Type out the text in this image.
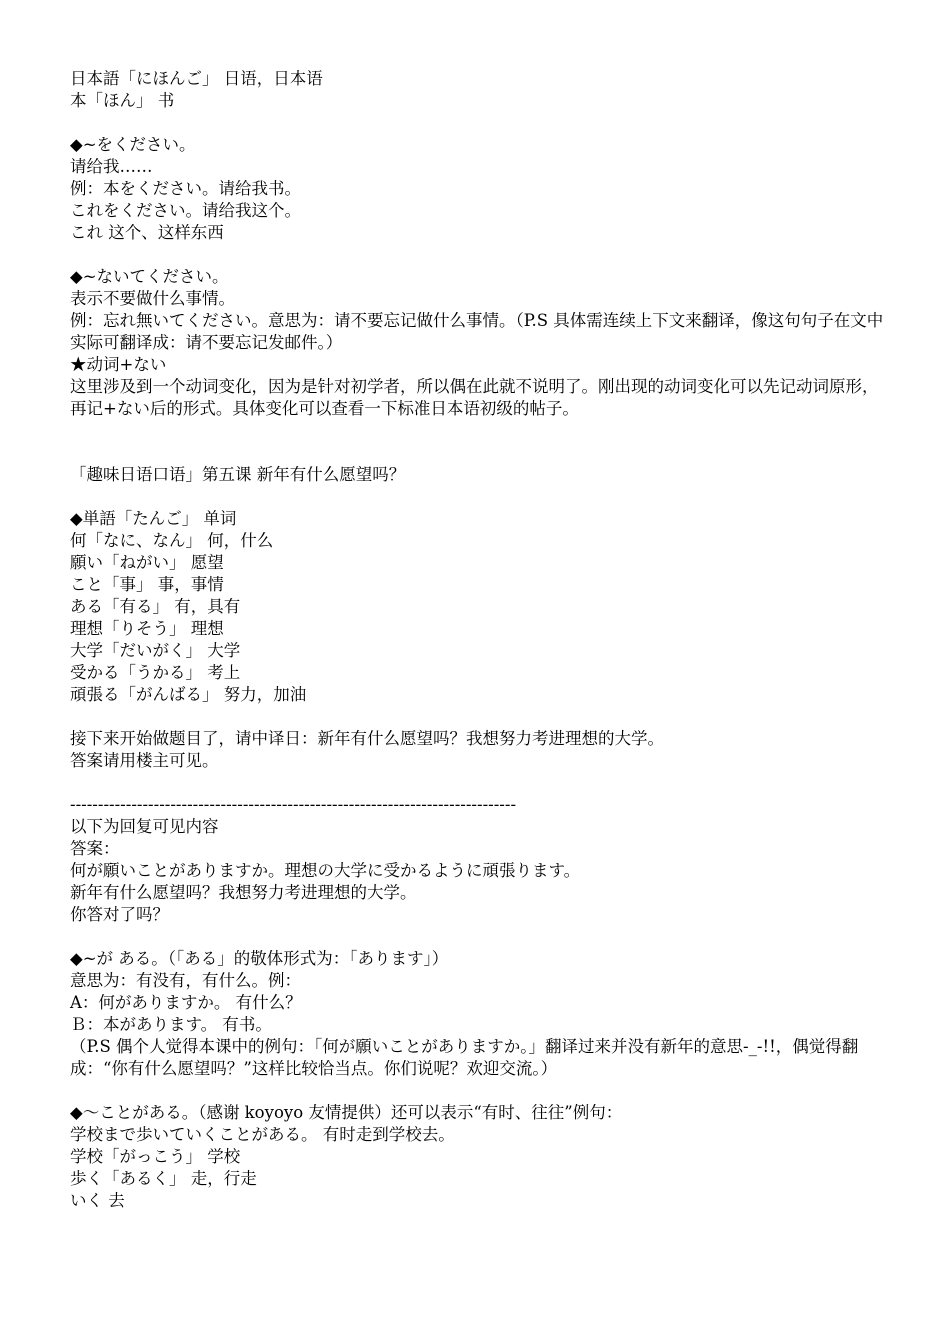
日本語「にほんご」 日语，日本语
本「ほん」 书
◆~をください。
请给我……
例：本をください。请给我书。
これをください。请给我这个。
これ 这个、这样东西
◆~ないてください。
表示不要做什么事情。
例：忘れ無いてください。意思为：请不要忘记做什么事情。（P.S 具体需连续上下文来翻译，像这句句子在文中实际可翻译成：请不要忘记发邮件。）
★动词+ない
这里涉及到一个动词变化，因为是针对初学者，所以偶在此就不说明了。刚出现的动词变化可以先记动词原形，再记+ない后的形式。具体变化可以查看一下标准日本语初级的帖子。
「趣味日语口语」第五课 新年有什么愿望吗？
◆単語「たんご」 单词
何「なに、なん」 何，什么
願い「ねがい」 愿望
こと「事」 事，事情
ある「有る」 有，具有
理想「りそう」 理想
大学「だいがく」 大学
受かる「うかる」 考上
頑張る「がんばる」 努力，加油
接下来开始做题目了，请中译日：新年有什么愿望吗？我想努力考进理想的大学。
答案请用楼主可见。
--------------------------------------------------------------------------------
以下为回复可见内容
答案：
何が願いことがありますか。理想の大学に受かるように頑張ります。
新年有什么愿望吗？我想努力考进理想的大学。
你答对了吗？
◆~が ある。（「ある」的敬体形式为：「あります」）
意思为：有没有，有什么。例：
A：何がありますか。 有什么？
Ｂ：本があります。 有书。
（P.S 偶个人觉得本课中的例句：「何が願いことがありますか。」翻译过来并没有新年的意思-_-!!，偶觉得翻成：“你有什么愿望吗？”这样比较恰当点。你们说呢？欢迎交流。）
◆～ことがある。（感谢 koyoyo 友情提供）还可以表示“有时、往往”例句：
学校まで歩いていくことがある。 有时走到学校去。
学校「がっこう」 学校
歩く「あるく」 走，行走
いく 去
